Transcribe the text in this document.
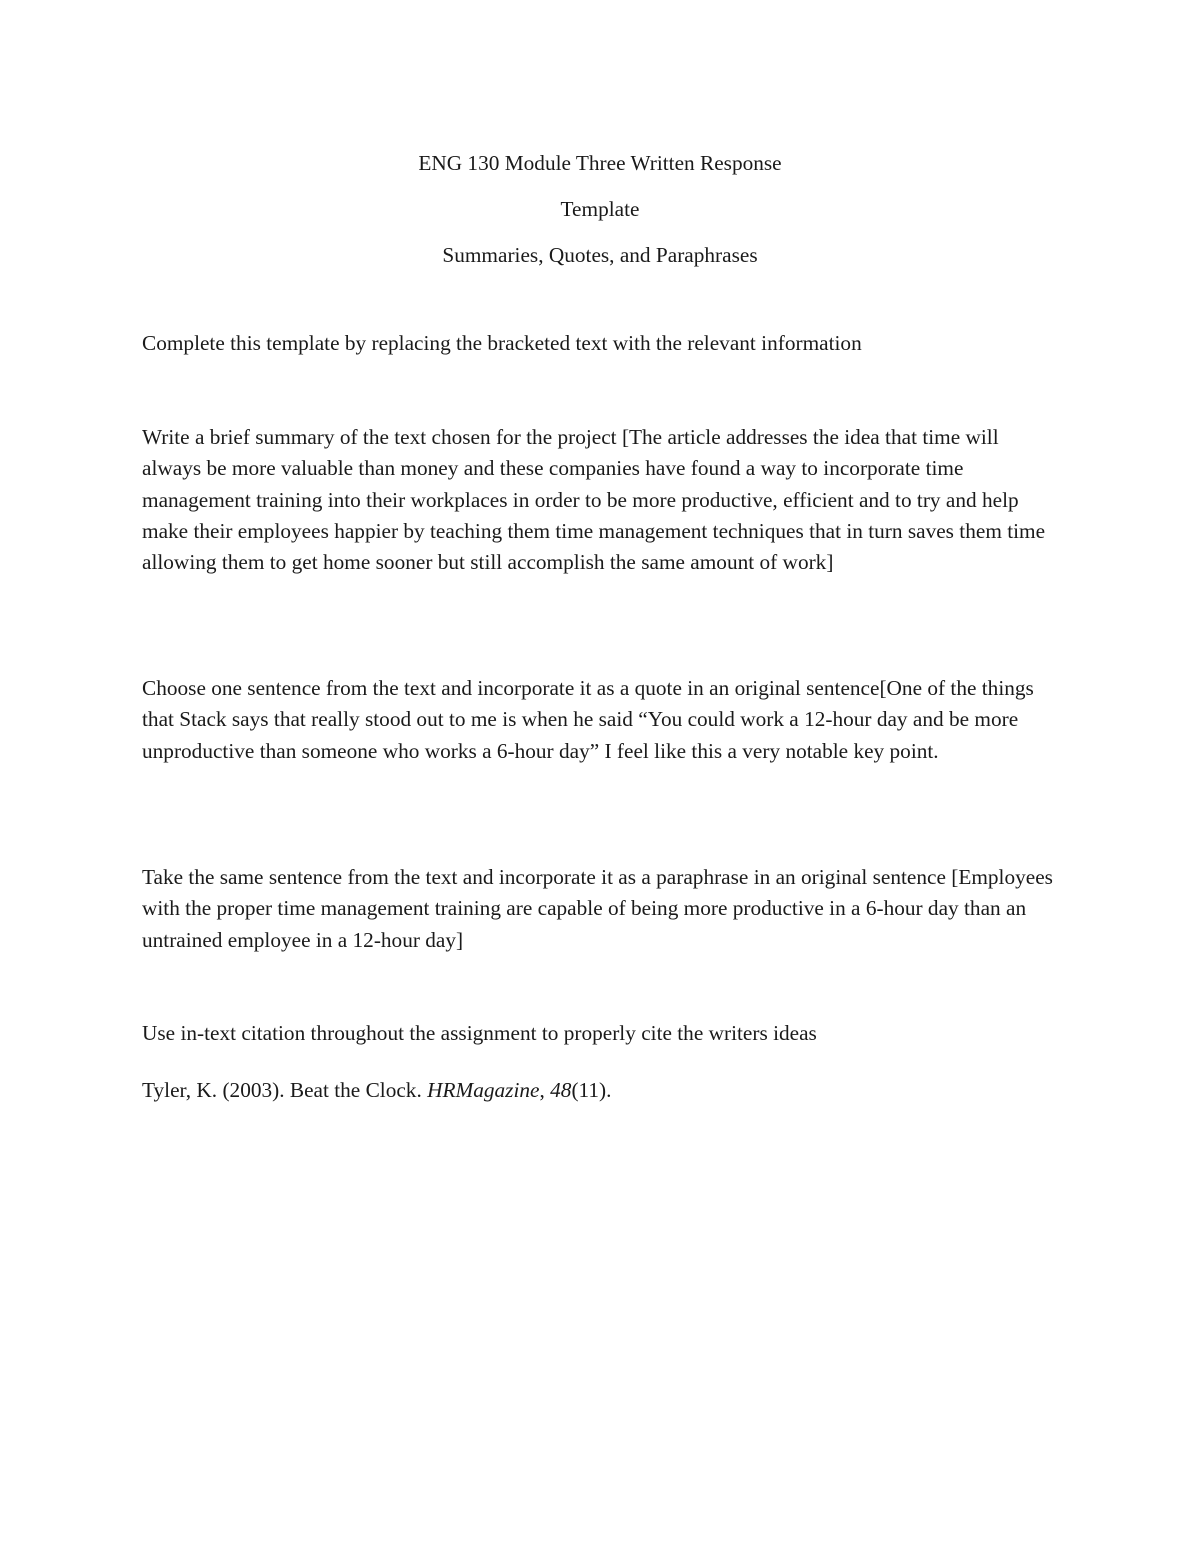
ENG 130 Module Three Written Response

Template

Summaries, Quotes, and Paraphrases

Complete this template by replacing the bracketed text with the relevant information

Write a brief summary of the text chosen for the project [The article addresses the idea that time will always be more valuable than money and these companies have found a way to incorporate time management training into their workplaces in order to be more productive, efficient and to try and help make their employees happier by teaching them time management techniques that in turn saves them time allowing them to get home sooner but still accomplish the same amount of work]

Choose one sentence from the text and incorporate it as a quote in an original sentence[One of the things that Stack says that really stood out to me is when he said “You could work a 12-hour day and be more unproductive than someone who works a 6-hour day” I feel like this a very notable key point.

Take the same sentence from the text and incorporate it as a paraphrase in an original sentence [Employees with the proper time management training are capable of being more productive in a 6-hour day than an untrained employee in a 12-hour day]

Use in-text citation throughout the assignment to properly cite the writers ideas

Tyler, K. (2003). Beat the Clock. HRMagazine, 48(11).
